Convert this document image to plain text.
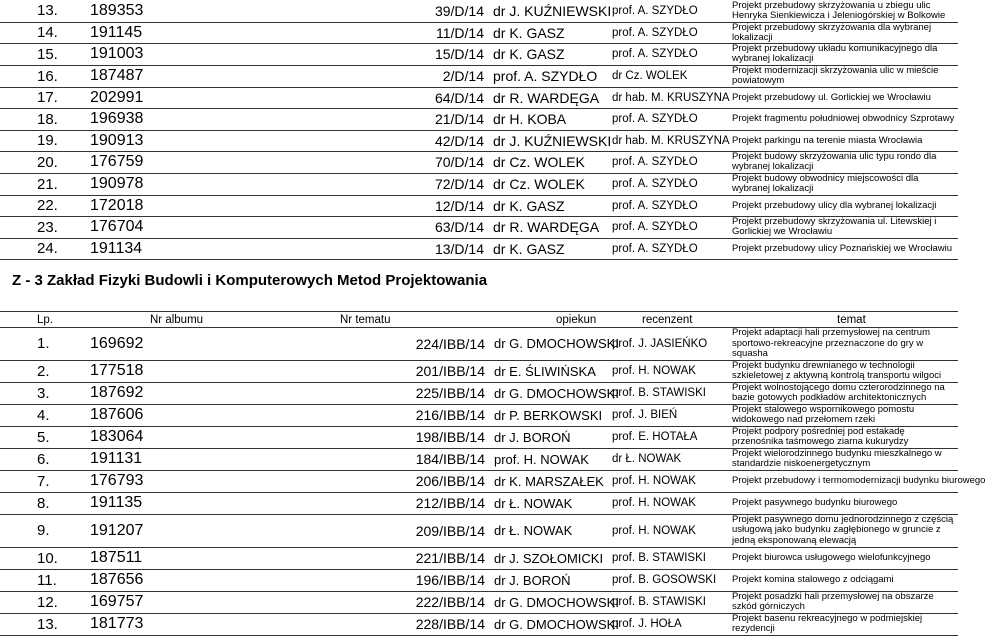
13.	189353	39/D/14	dr J. KUŹNIEWSKI	prof. A. SZYDŁO	Projekt przebudowy skrzyżowania u zbiegu ulic Henryka Sienkiewicza i Jeleniogórskiej w Bolkowie
14.	191145	11/D/14	dr K. GASZ	prof. A. SZYDŁO	Projekt przebudowy skrzyżowania dla wybranej lokalizacji
15.	191003	15/D/14	dr K. GASZ	prof. A. SZYDŁO	Projekt przebudowy układu komunikacyjnego dla wybranej lokalizacji
16.	187487	2/D/14	prof. A. SZYDŁO	dr Cz. WOLEK	Projekt modernizacji skrzyżowania ulic w mieście powiatowym
17.	202991	64/D/14	dr R. WARDĘGA	dr hab. M. KRUSZYNA	Projekt przebudowy ul. Gorlickiej we Wrocławiu
18.	196938	21/D/14	dr H. KOBA	prof. A. SZYDŁO	Projekt fragmentu południowej obwodnicy Szprotawy
19.	190913	42/D/14	dr J. KUŹNIEWSKI	dr hab. M. KRUSZYNA	Projekt parkingu na terenie miasta Wrocławia
20.	176759	70/D/14	dr Cz. WOLEK	prof. A. SZYDŁO	Projekt budowy skrzyżowania ulic typu rondo dla wybranej lokalizacji
21.	190978	72/D/14	dr Cz. WOLEK	prof. A. SZYDŁO	Projekt budowy obwodnicy miejscowości dla wybranej lokalizacji
22.	172018	12/D/14	dr K. GASZ	prof. A. SZYDŁO	Projekt przebudowy ulicy dla wybranej lokalizacji
23.	176704	63/D/14	dr R. WARDĘGA	prof. A. SZYDŁO	Projekt przebudowy skrzyżowania ul. Litewskiej i Gorlickiej we Wrocławiu
24.	191134	13/D/14	dr K. GASZ	prof. A. SZYDŁO	Projekt przebudowy ulicy Poznańskiej we Wrocławiu
Z - 3 Zakład Fizyki Budowli i Komputerowych Metod Projektowania
Lp.	Nr albumu	Nr tematu	opiekun	recenzent	temat
1.	169692	224/IBB/14	dr G. DMOCHOWSKI	prof. J. JASIEŃKO	Projekt adaptacji hali przemysłowej na centrum sportowo-rekreacyjne przeznaczone do gry w squasha
2.	177518	201/IBB/14	dr E. ŚLIWIŃSKA	prof. H. NOWAK	Projekt budynku drewnianego w technologii szkieletowej z aktywną kontrolą transportu wilgoci
3.	187692	225/IBB/14	dr G. DMOCHOWSKI	prof. B. STAWISKI	Projekt wolnostojącego domu czterorodzinnego na bazie gotowych podkładów architektonicznych
4.	187606	216/IBB/14	dr P. BERKOWSKI	prof. J. BIEŃ	Projekt stalowego wspornikowego pomostu widokowego nad przełomem rzeki
5.	183064	198/IBB/14	dr J. BOROŃ	prof. E. HOTAŁA	Projekt podpory pośredniej pod estakadę przenośnika taśmowego ziarna kukurydzy
6.	191131	184/IBB/14	prof. H. NOWAK	dr Ł. NOWAK	Projekt wielorodzinnego budynku mieszkalnego w standardzie niskoenergetycznym
7.	176793	206/IBB/14	dr K. MARSZAŁEK	prof. H. NOWAK	Projekt przebudowy i termomodernizacji budynku biurowego
8.	191135	212/IBB/14	dr Ł. NOWAK	prof. H. NOWAK	Projekt pasywnego budynku biurowego
9.	191207	209/IBB/14	dr Ł. NOWAK	prof. H. NOWAK	Projekt pasywnego domu jednorodzinnego z częścią usługową jako budynku zagłębionego w gruncie z jedną eksponowaną elewacją
10.	187511	221/IBB/14	dr J. SZOŁOMICKI	prof. B. STAWISKI	Projekt biurowca usługowego wielofunkcyjnego
11.	187656	196/IBB/14	dr J. BOROŃ	prof. B. GOSOWSKI	Projekt komina stalowego z odciągami
12.	169757	222/IBB/14	dr G. DMOCHOWSKI	prof. B. STAWISKI	Projekt posadzki hali przemysłowej na obszarze szkód górniczych
13.	181773	228/IBB/14	dr G. DMOCHOWSKI	prof. J. HOŁA	Projekt basenu rekreacyjnego w podmiejskiej rezydencji
